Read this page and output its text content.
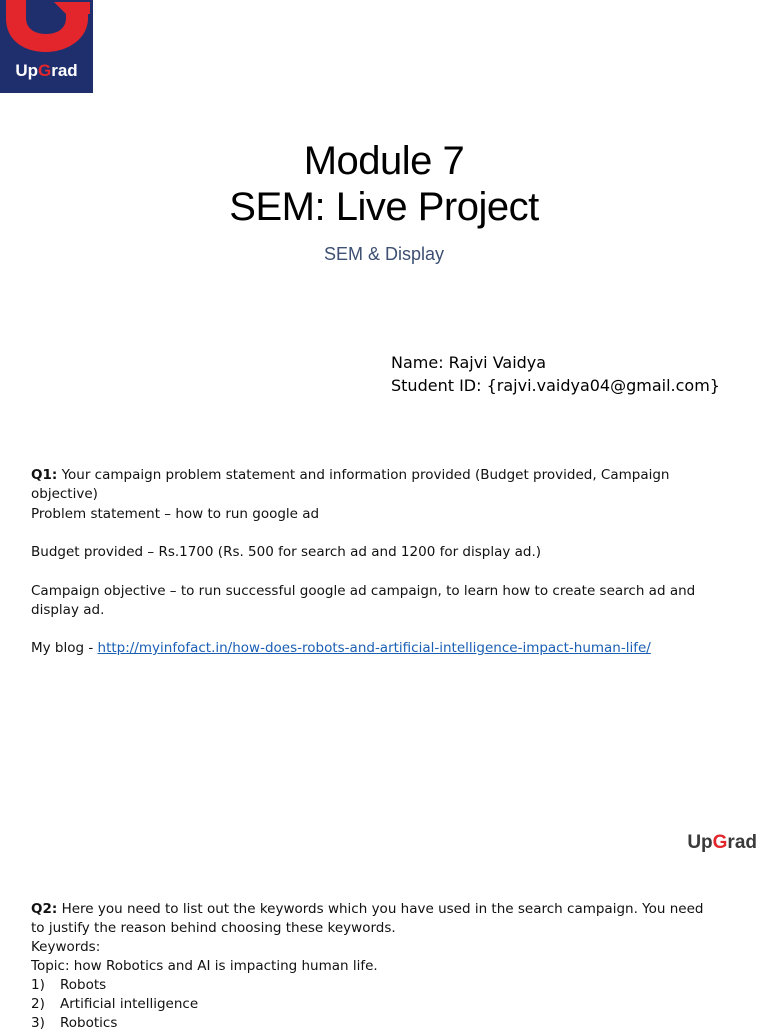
UpGrad
Module 7
SEM: Live Project
SEM & Display
Name: Rajvi Vaidya
Student ID: {rajvi.vaidya04@gmail.com}

Q1: Your campaign problem statement and information provided (Budget provided, Campaign objective)

Problem statement – how to run google ad

Budget provided – Rs.1700 (Rs. 500 for search ad and 1200 for display ad.)

Campaign objective – to run successful google ad campaign, to learn how to create search ad and display ad.

My blog - http://myinfofact.in/how-does-robots-and-artificial-intelligence-impact-human-life/

UpGrad
Q2: Here you need to list out the keywords which you have used in the search campaign. You need to justify the reason behind choosing these keywords.
Keywords:
Topic: how Robotics and AI is impacting human life.
1)	Robots
2)	Artificial intelligence
3)	Robotics
